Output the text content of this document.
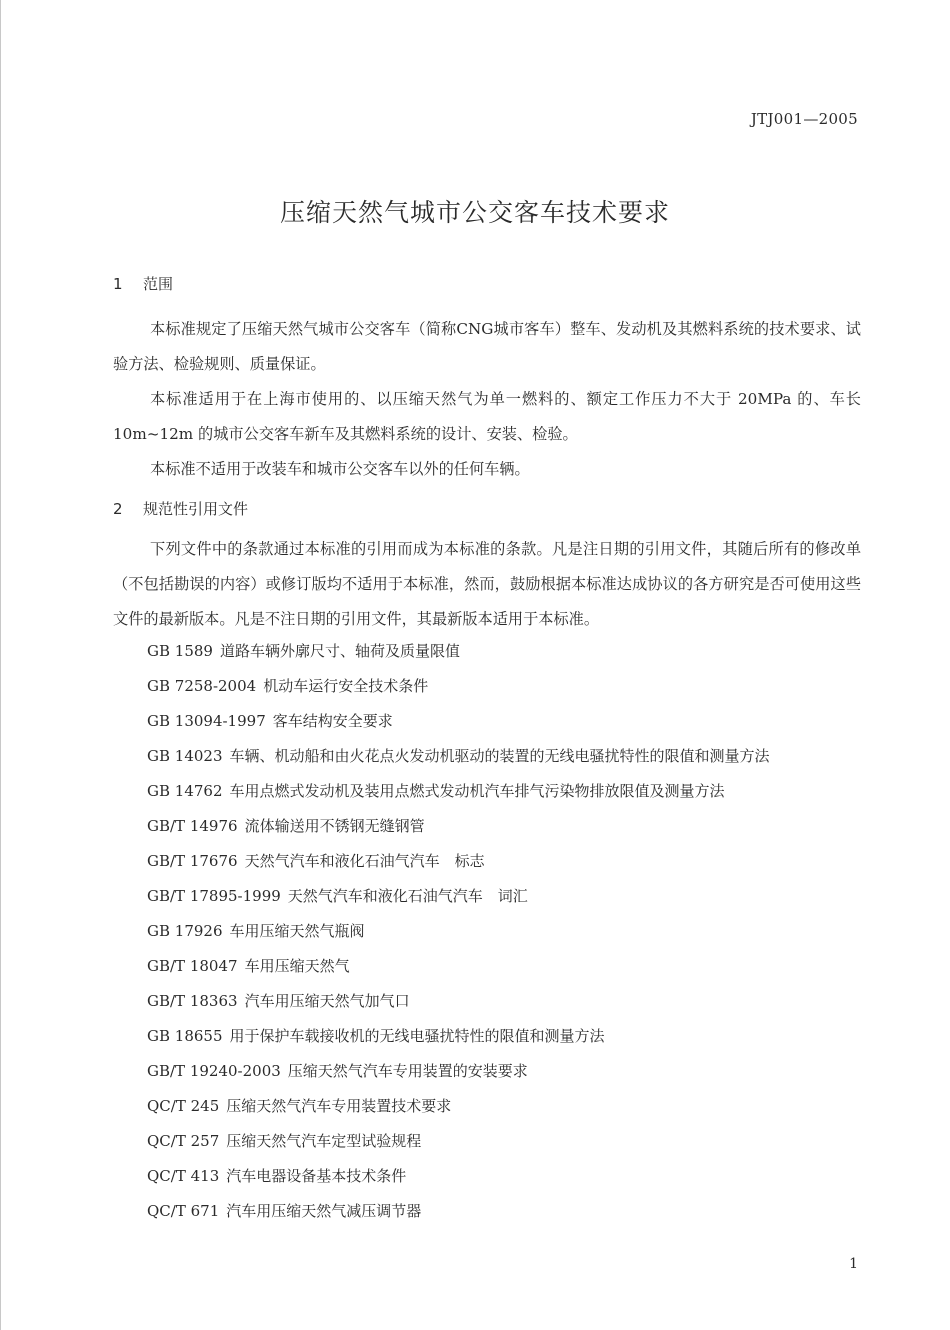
JTJ001—2005
压缩天然气城市公交客车技术要求
1 范围
本标准规定了压缩天然气城市公交客车（简称CNG城市客车）整车、发动机及其燃料系统的技术要求、试验方法、检验规则、质量保证。
本标准适用于在上海市使用的、以压缩天然气为单一燃料的、额定工作压力不大于 20MPa 的、车长 10m~12m 的城市公交客车新车及其燃料系统的设计、安装、检验。
本标准不适用于改装车和城市公交客车以外的任何车辆。
2 规范性引用文件
下列文件中的条款通过本标准的引用而成为本标准的条款。凡是注日期的引用文件，其随后所有的修改单（不包括勘误的内容）或修订版均不适用于本标准，然而，鼓励根据本标准达成协议的各方研究是否可使用这些文件的最新版本。凡是不注日期的引用文件，其最新版本适用于本标准。
GB 1589 道路车辆外廓尺寸、轴荷及质量限值
GB 7258-2004 机动车运行安全技术条件
GB 13094-1997 客车结构安全要求
GB 14023 车辆、机动船和由火花点火发动机驱动的装置的无线电骚扰特性的限值和测量方法
GB 14762 车用点燃式发动机及装用点燃式发动机汽车排气污染物排放限值及测量方法
GB/T 14976 流体输送用不锈钢无缝钢管
GB/T 17676 天然气汽车和液化石油气汽车　标志
GB/T 17895-1999 天然气汽车和液化石油气汽车　词汇
GB 17926 车用压缩天然气瓶阀
GB/T 18047 车用压缩天然气
GB/T 18363 汽车用压缩天然气加气口
GB 18655 用于保护车载接收机的无线电骚扰特性的限值和测量方法
GB/T 19240-2003 压缩天然气汽车专用装置的安装要求
QC/T 245 压缩天然气汽车专用装置技术要求
QC/T 257 压缩天然气汽车定型试验规程
QC/T 413 汽车电器设备基本技术条件
QC/T 671 汽车用压缩天然气减压调节器
1
